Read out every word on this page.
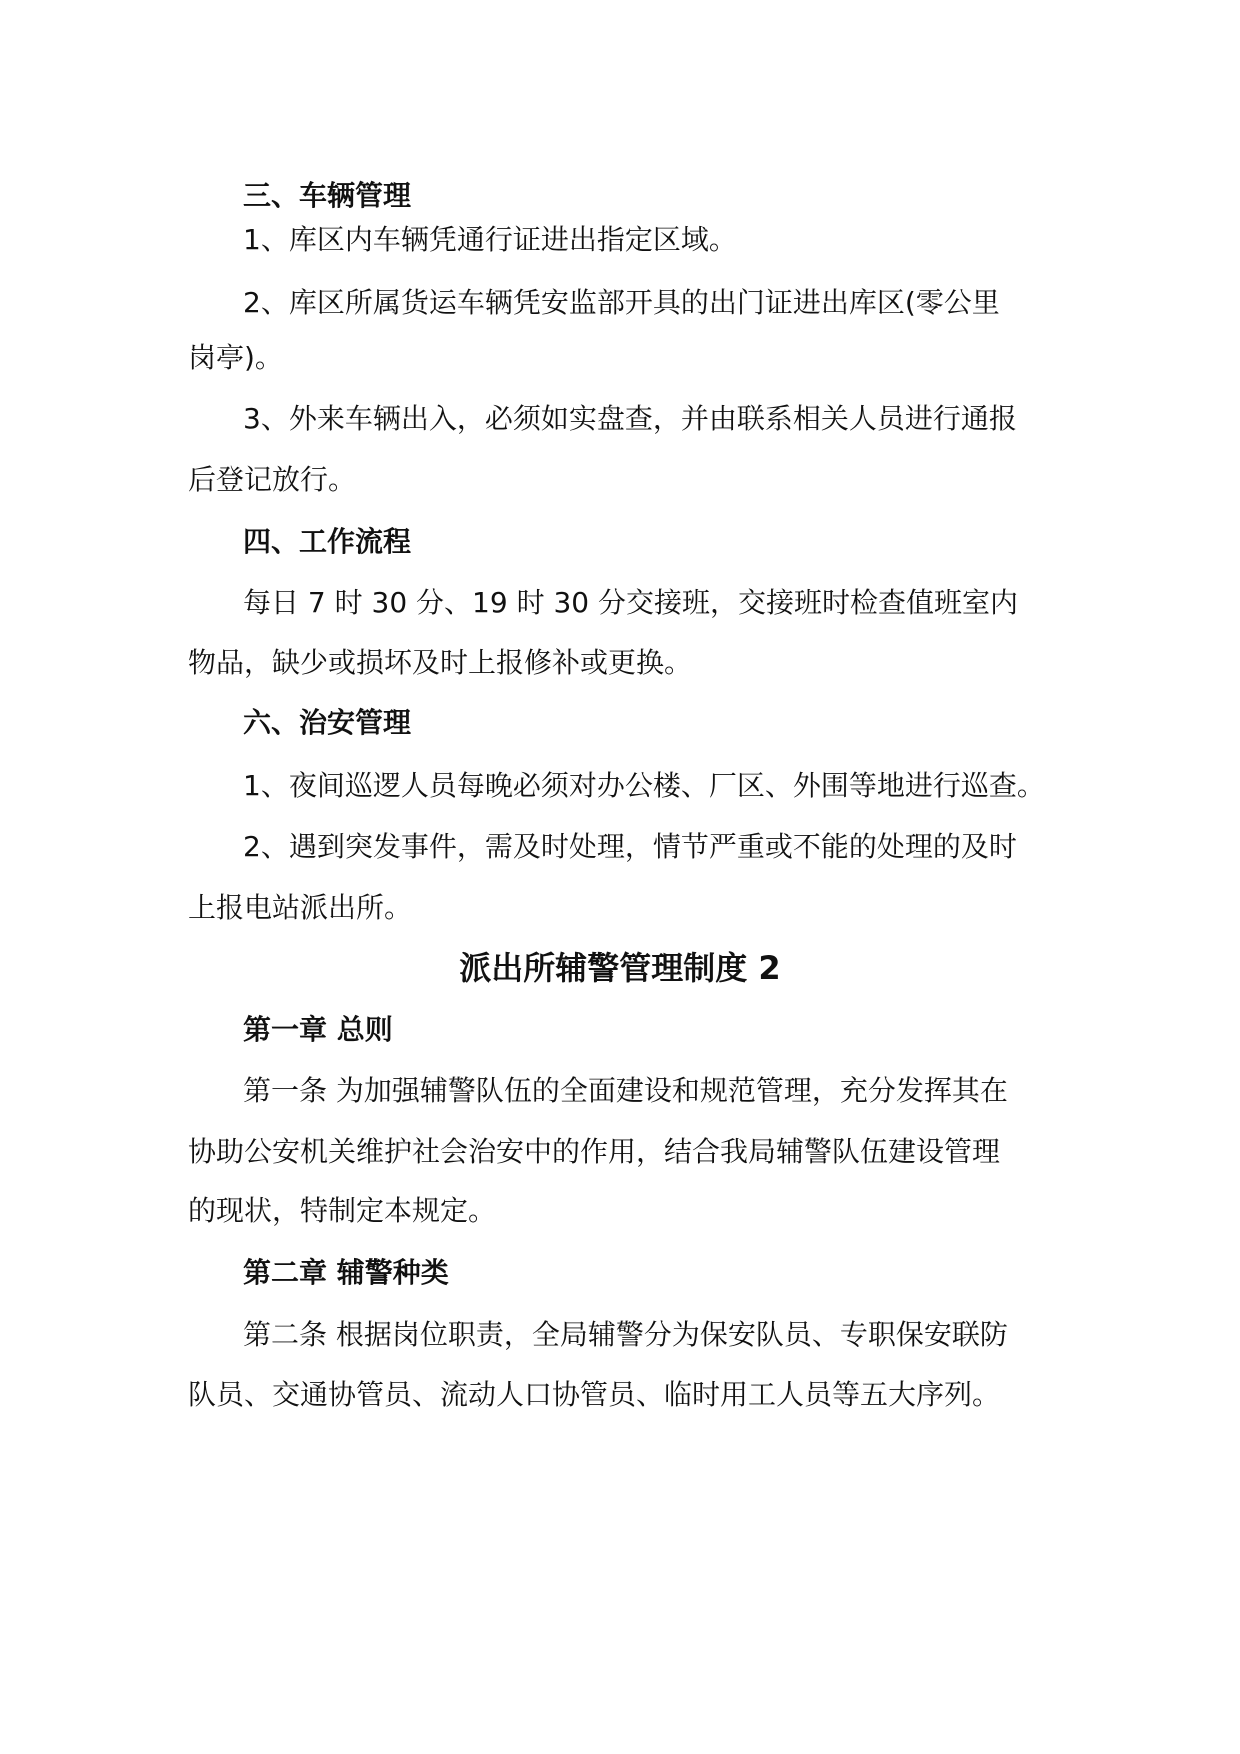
三、车辆管理

1、库区内车辆凭通行证进出指定区域。

2、库区所属货运车辆凭安监部开具的出门证进出库区(零公里

岗亭)。

3、外来车辆出入，必须如实盘查，并由联系相关人员进行通报

后登记放行。

四、工作流程

每日 7 时 30 分、19 时 30 分交接班，交接班时检查值班室内

物品，缺少或损坏及时上报修补或更换。

六、治安管理

1、夜间巡逻人员每晚必须对办公楼、厂区、外围等地进行巡查。

2、遇到突发事件，需及时处理，情节严重或不能的处理的及时

上报电站派出所。

派出所辅警管理制度 2

第一章 总则

第一条 为加强辅警队伍的全面建设和规范管理，充分发挥其在

协助公安机关维护社会治安中的作用，结合我局辅警队伍建设管理

的现状，特制定本规定。

第二章 辅警种类

第二条 根据岗位职责，全局辅警分为保安队员、专职保安联防

队员、交通协管员、流动人口协管员、临时用工人员等五大序列。
